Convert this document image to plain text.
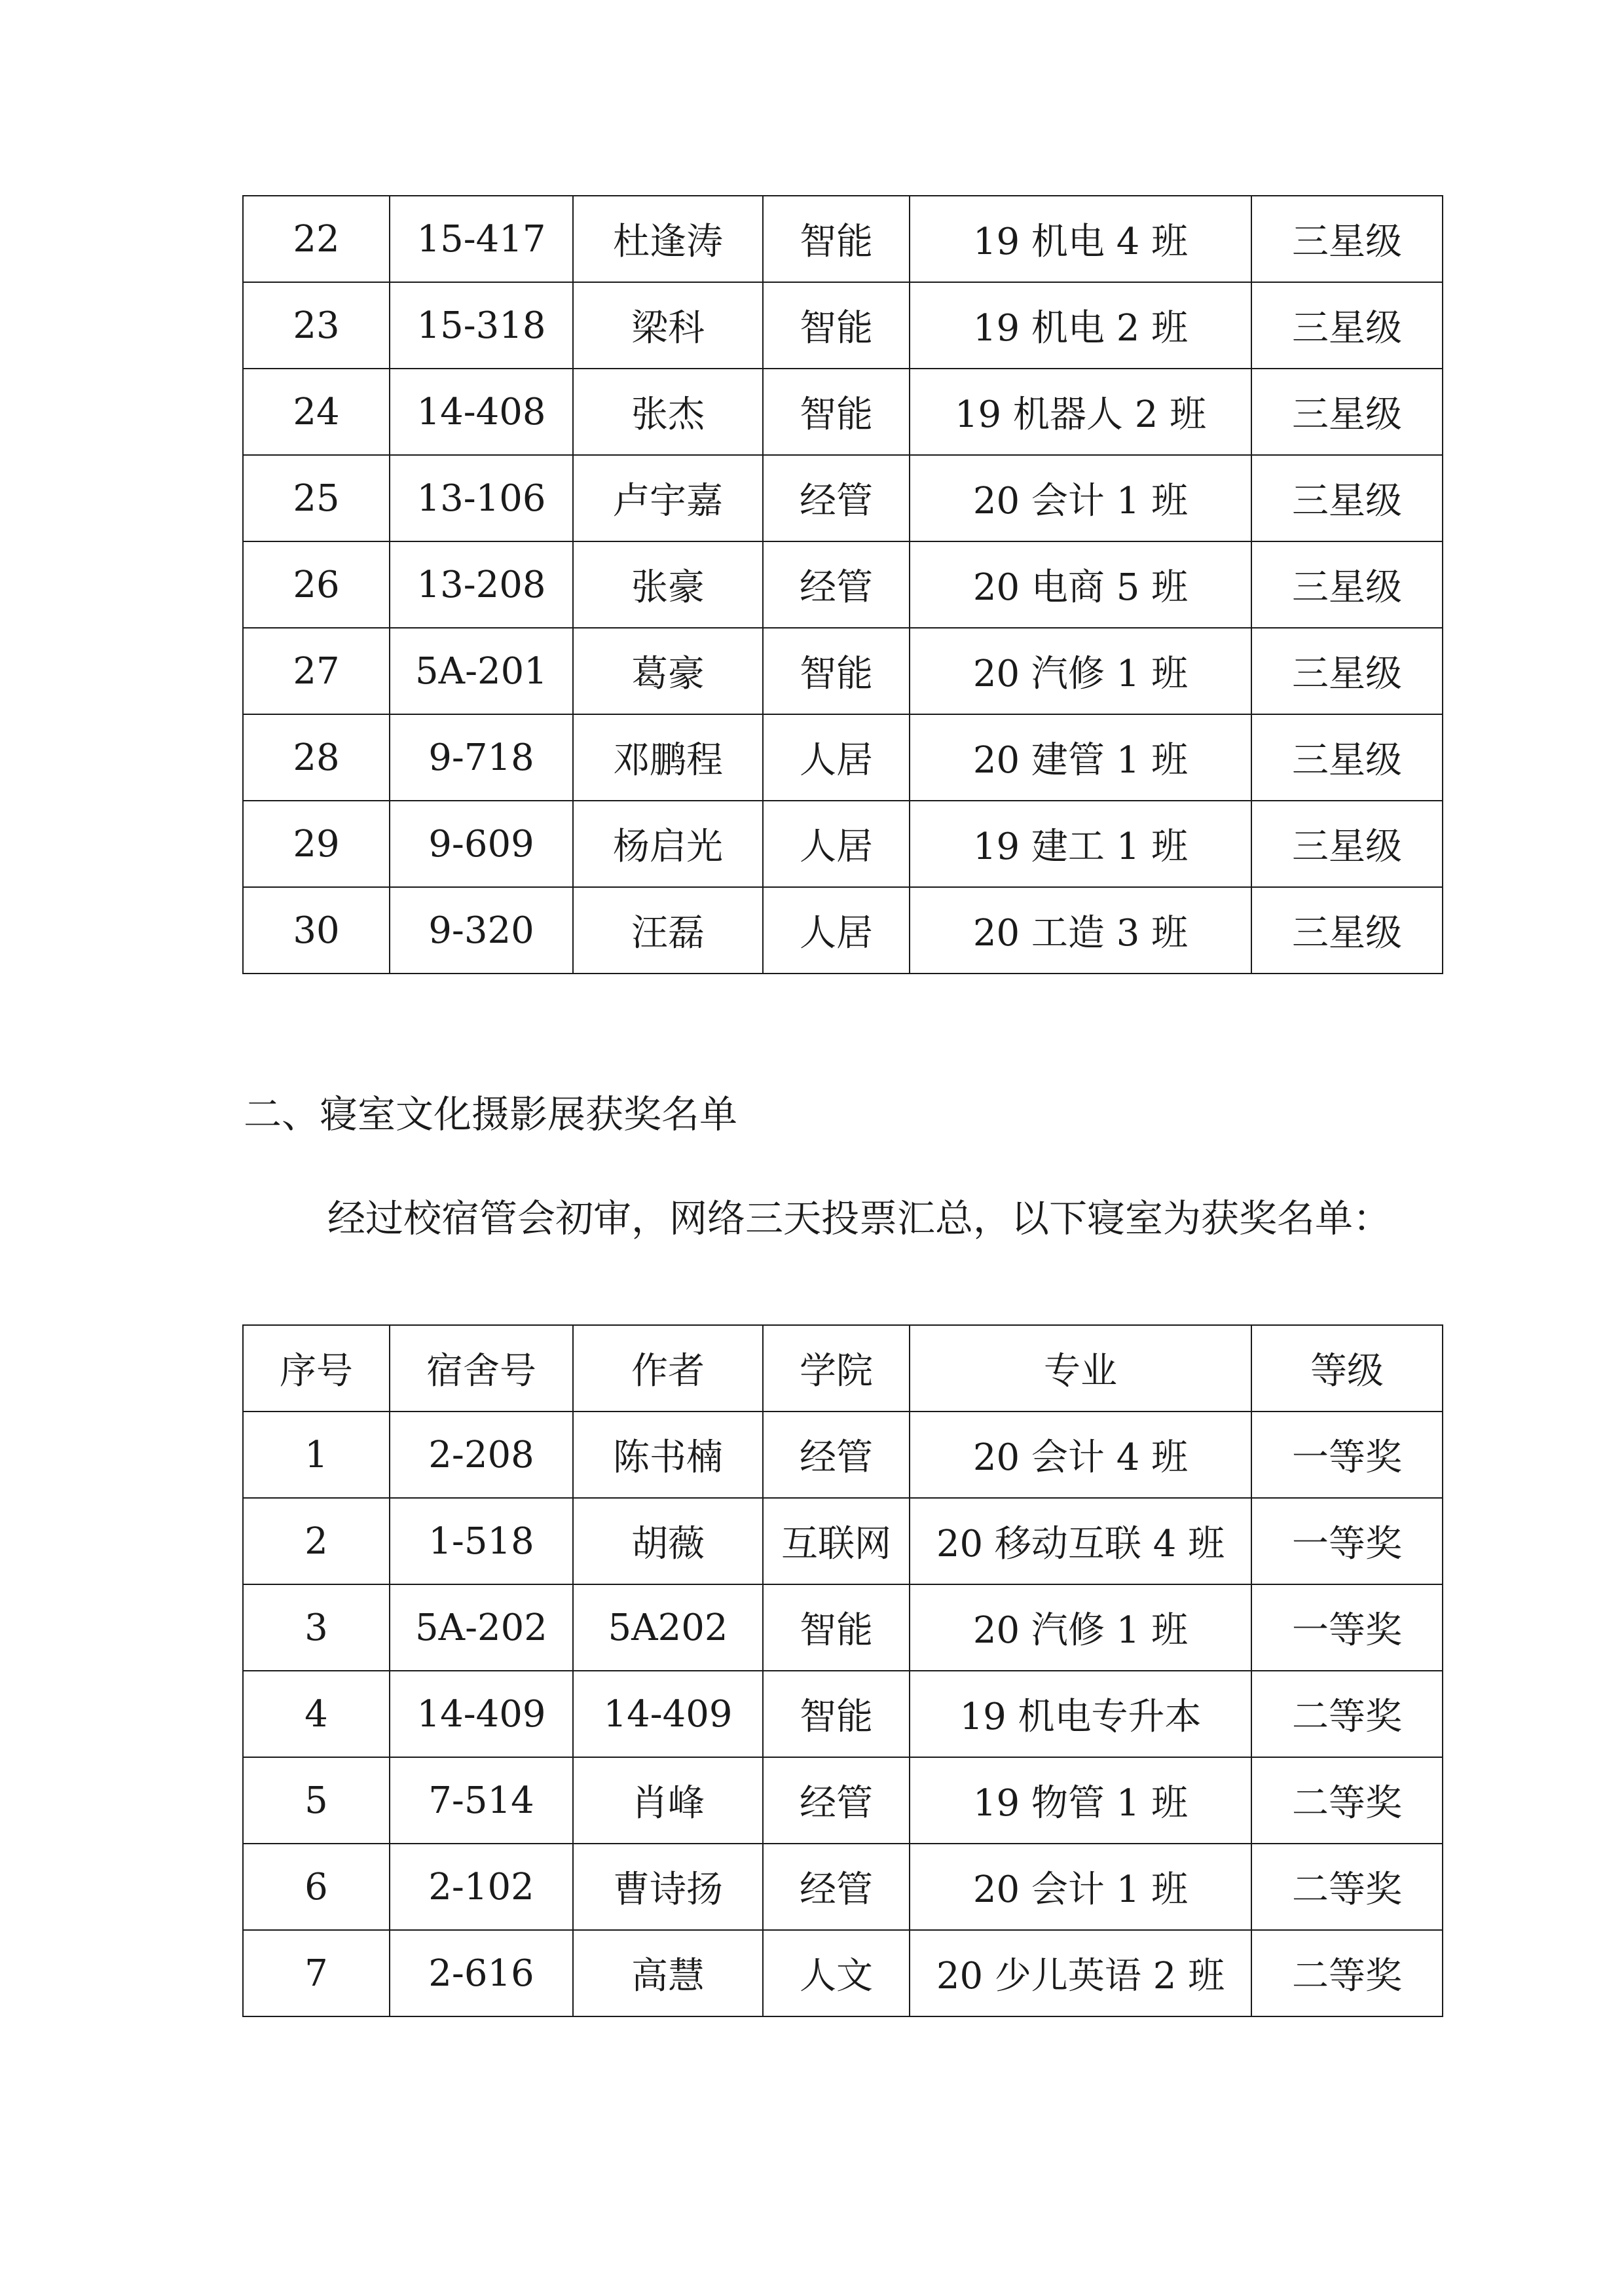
22	15-417	杜逢涛	智能	19 机电 4 班	三星级
23	15-318	梁科	智能	19 机电 2 班	三星级
24	14-408	张杰	智能	19 机器人 2 班	三星级
25	13-106	卢宇嘉	经管	20 会计 1 班	三星级
26	13-208	张豪	经管	20 电商 5 班	三星级
27	5A-201	葛豪	智能	20 汽修 1 班	三星级
28	9-718	邓鹏程	人居	20 建管 1 班	三星级
29	9-609	杨启光	人居	19 建工 1 班	三星级
30	9-320	汪磊	人居	20 工造 3 班	三星级

二、寝室文化摄影展获奖名单

经过校宿管会初审，网络三天投票汇总，以下寝室为获奖名单：

序号	宿舍号	作者	学院	专业	等级
1	2-208	陈书楠	经管	20 会计 4 班	一等奖
2	1-518	胡薇	互联网	20 移动互联 4 班	一等奖
3	5A-202	5A202	智能	20 汽修 1 班	一等奖
4	14-409	14-409	智能	19 机电专升本	二等奖
5	7-514	肖峰	经管	19 物管 1 班	二等奖
6	2-102	曹诗扬	经管	20 会计 1 班	二等奖
7	2-616	高慧	人文	20 少儿英语 2 班	二等奖
